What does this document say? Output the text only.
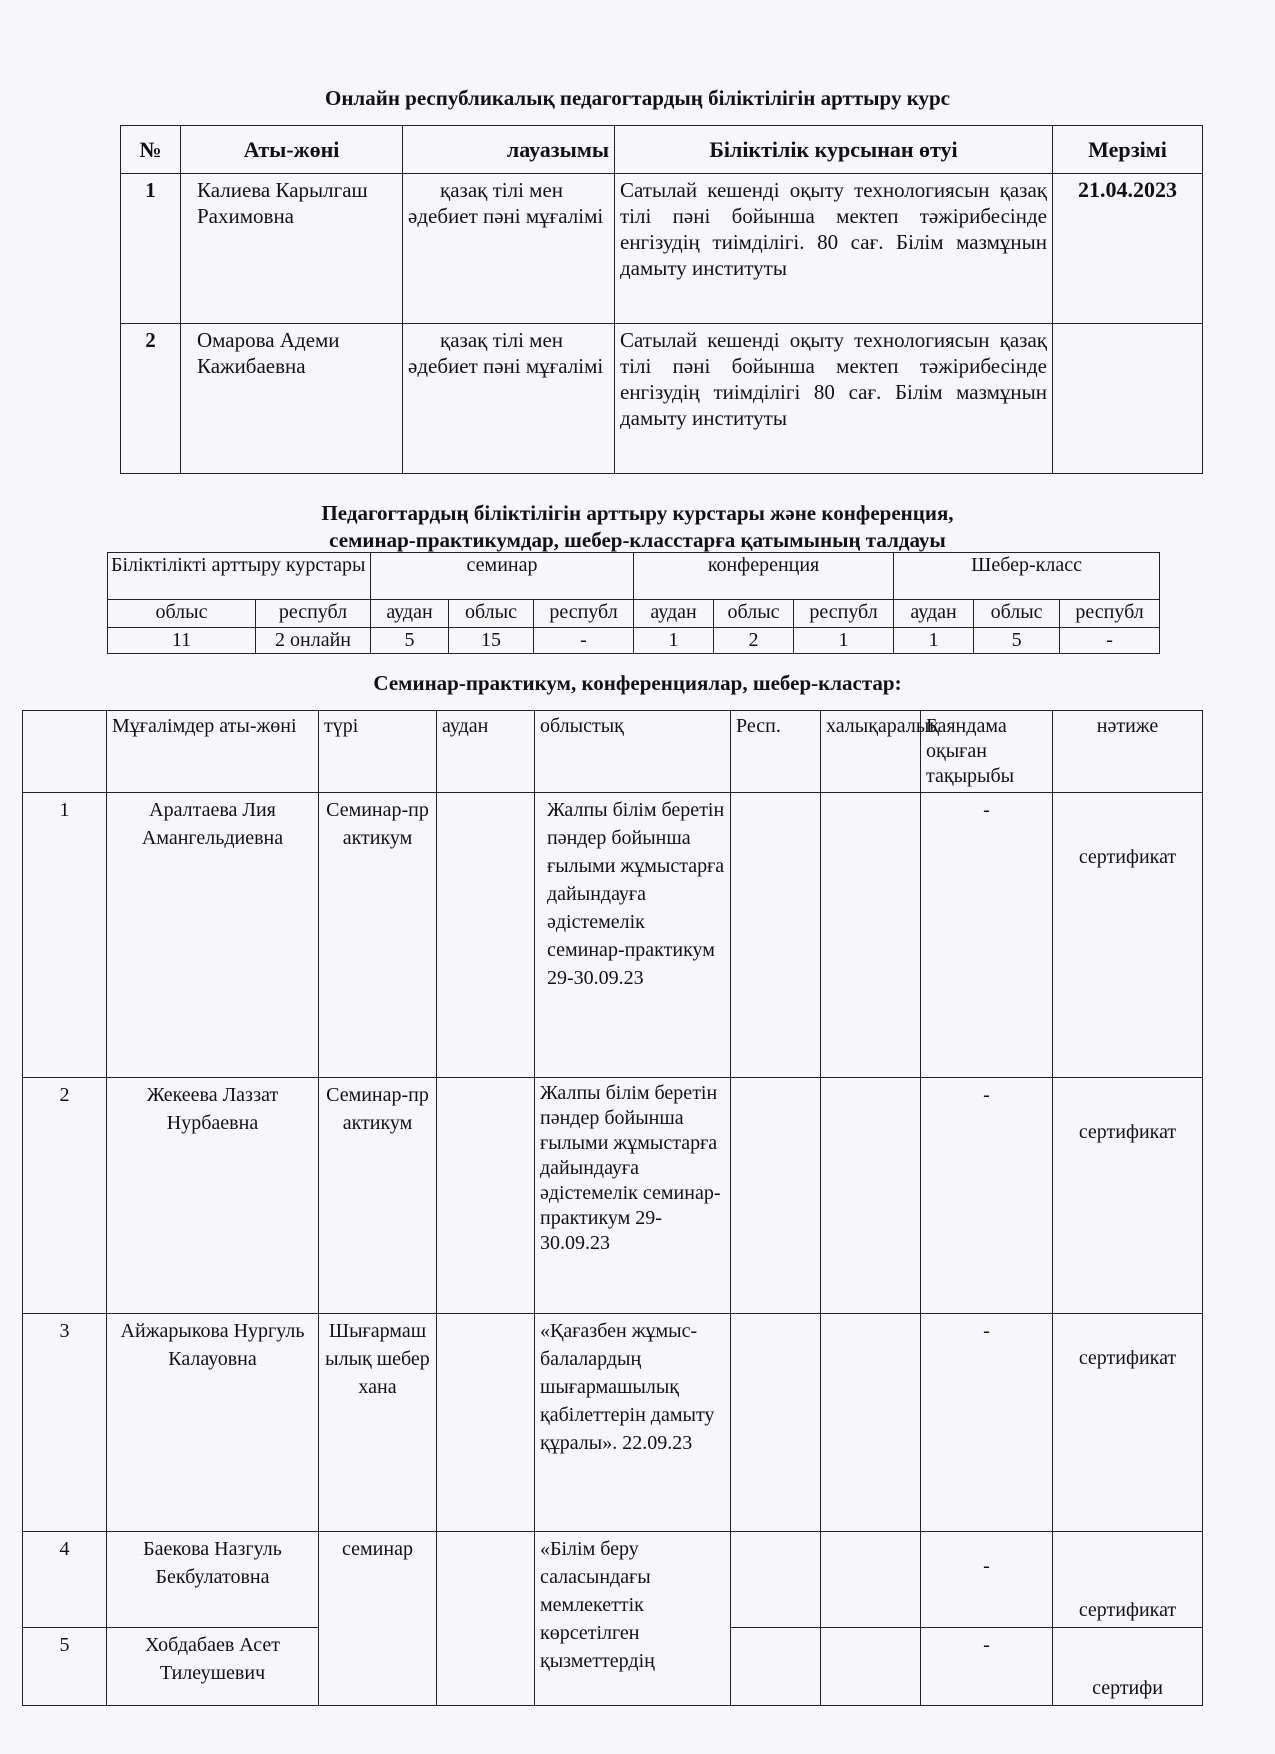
Онлайн республикалық педагогтардың біліктілігін арттыру курс
№	Аты-жөні	лауазымы	Біліктілік курсынан өтуі	Мерзімі
1	Калиева Карылгаш Рахимовна	қазақ тілі мен әдебиет пәні мұғалімі	Сатылай кешенді оқыту технологиясын қазақ тілі пәні бойынша мектеп тәжірибесінде енгізудің тиімділігі. 80 сағ. Білім мазмұнын дамыту институты	21.04.2023
2	Омарова Адеми Кажибаевна	қазақ тілі мен әдебиет пәні мұғалімі	Сатылай кешенді оқыту технологиясын қазақ тілі пәні бойынша мектеп тәжірибесінде енгізудің тиімділігі 80 сағ. Білім мазмұнын дамыту институты	
Педагогтардың біліктілігін арттыру курстары және конференция,
семинар-практикумдар, шебер-класстарға қатымының талдауы
Біліктілікті арттыру курстары		семинар			конференция			Шебер-класс		
облыс	республ	аудан	облыс	республ	аудан	облыс	республ	аудан	облыс	республ
11	2 онлайн	5	15	-	1	2	1	1	5	-
Семинар-практикум, конференциялар, шебер-кластар:
	Мұғалімдер аты-жөні	түрі	аудан	облыстық	Респ.	халықаралық	Баяндама оқыған тақырыбы	нәтиже
1	Аралтаева Лия Амангельдиевна	Семинар-практикум		Жалпы білім беретін пәндер бойынша ғылыми жұмыстарға дайындауға әдістемелік семинар-практикум 29-30.09.23			-	сертификат
2	Жекеева Лаззат Нурбаевна	Семинар-практикум		Жалпы білім беретін пәндер бойынша ғылыми жұмыстарға дайындауға әдістемелік семинар-практикум 29-30.09.23			-	сертификат
3	Айжарыкова Нургуль Калауовна	Шығармашылық шеберхана		«Қағазбен жұмыс-балалардың шығармашылық қабілеттерін дамыту құралы». 22.09.23			-	сертификат
4	Баекова Назгуль Бекбулатовна	семинар		«Білім беру саласындағы мемлекеттік көрсетілген қызметтердің			-	сертификат
5	Хобдабаев Асет Тилеушевич						-	сертифи
